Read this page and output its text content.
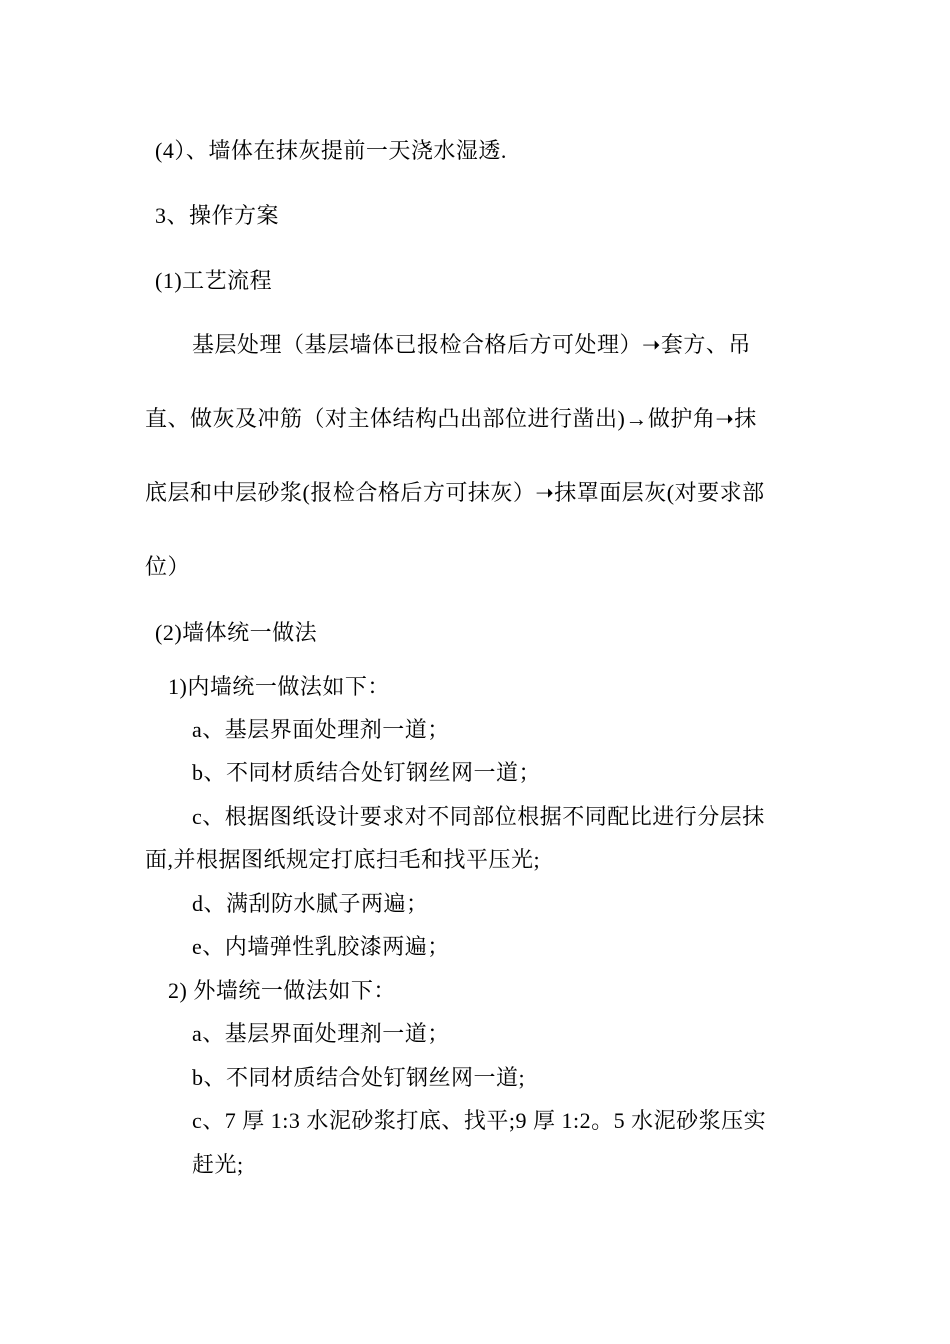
(4）、墙体在抹灰提前一天浇水湿透.
3、操作方案
(1)工艺流程
基层处理（基层墙体已报检合格后方可处理）➝套方、吊
直、做灰及冲筋（对主体结构凸出部位进行凿出)→做护角➝抹
底层和中层砂浆(报检合格后方可抹灰）➝抹罩面层灰(对要求部
位）
(2)墙体统一做法
1)内墙统一做法如下：
a、基层界面处理剂一道；
b、不同材质结合处钉钢丝网一道；
c、根据图纸设计要求对不同部位根据不同配比进行分层抹
面,并根据图纸规定打底扫毛和找平压光;
d、满刮防水腻子两遍；
e、内墙弹性乳胶漆两遍；
2) 外墙统一做法如下：
a、基层界面处理剂一道；
b、不同材质结合处钉钢丝网一道;
c、7 厚 1:3 水泥砂浆打底、找平;9 厚 1:2。5 水泥砂浆压实
赶光;
